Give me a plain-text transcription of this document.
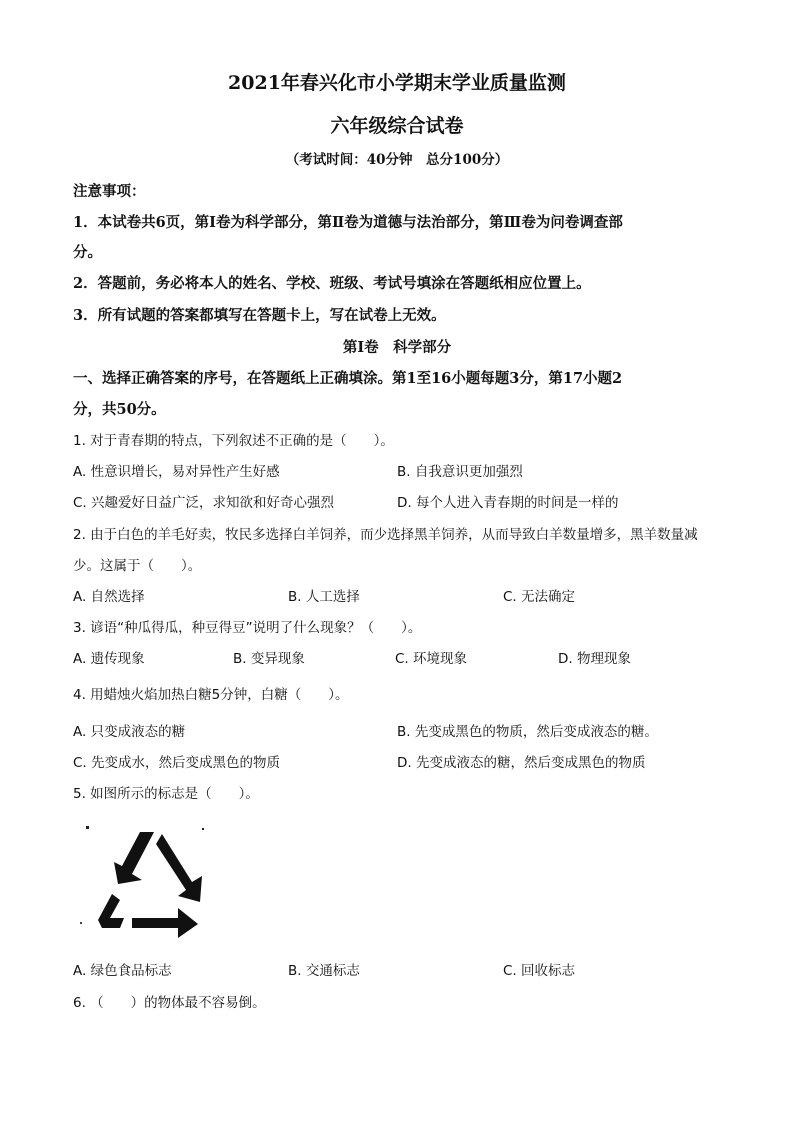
2021年春兴化市小学期末学业质量监测
六年级综合试卷
（考试时间：40分钟　总分100分）
注意事项：
1．本试卷共6页，第Ⅰ卷为科学部分，第Ⅱ卷为道德与法治部分，第Ⅲ卷为问卷调查部
分。
2．答题前，务必将本人的姓名、学校、班级、考试号填涂在答题纸相应位置上。
3．所有试题的答案都填写在答题卡上，写在试卷上无效。
第Ⅰ卷　科学部分
一、选择正确答案的序号，在答题纸上正确填涂。第1至16小题每题3分，第17小题2
分，共50分。
1. 对于青春期的特点，下列叙述不正确的是（　　）。
A. 性意识增长，易对异性产生好感	B. 自我意识更加强烈
C. 兴趣爱好日益广泛，求知欲和好奇心强烈	D. 每个人进入青春期的时间是一样的
2. 由于白色的羊毛好卖，牧民多选择白羊饲养，而少选择黑羊饲养，从而导致白羊数量增多，黑羊数量减
少。这属于（　　）。
A. 自然选择	B. 人工选择	C. 无法确定
3. 谚语“种瓜得瓜，种豆得豆”说明了什么现象？（　　）。
A. 遗传现象	B. 变异现象	C. 环境现象	D. 物理现象
4. 用蜡烛火焰加热白糖5分钟，白糖（　　）。
A. 只变成液态的糖	B. 先变成黑色的物质，然后变成液态的糖。
C. 先变成水，然后变成黑色的物质	D. 先变成液态的糖，然后变成黑色的物质
5. 如图所示的标志是（　　）。
A. 绿色食品标志	B. 交通标志	C. 回收标志
6. （　　）的物体最不容易倒。
